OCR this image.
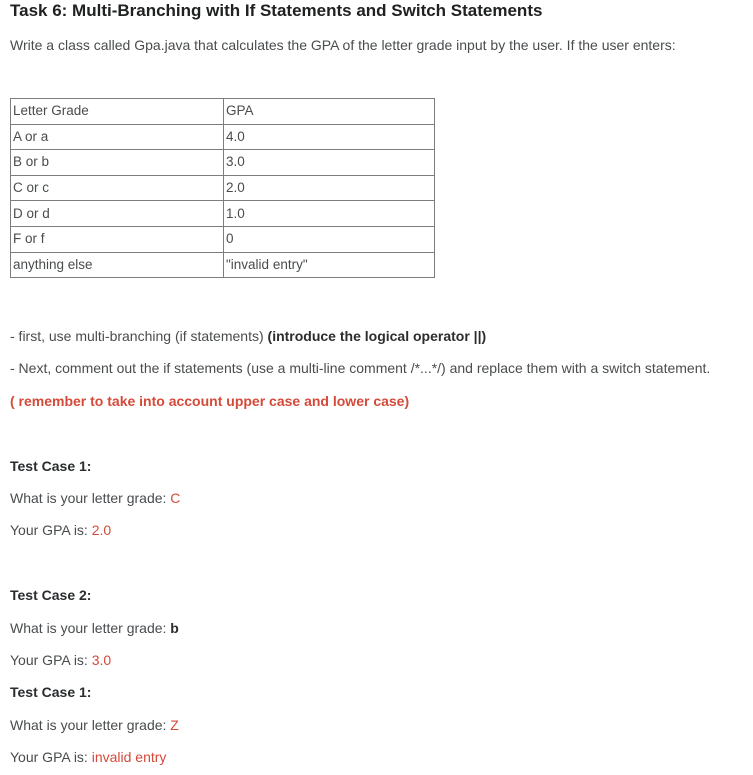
Task 6: Multi-Branching with If Statements and Switch Statements
Write a class called Gpa.java that calculates the GPA of the letter grade input by the user. If the user enters:
Letter Grade	GPA
A or a	4.0
B or b	3.0
C or c	2.0
D or d	1.0
F or f	0
anything else	"invalid entry"
- first, use multi-branching (if statements) (introduce the logical operator ||)
- Next, comment out the if statements (use a multi-line comment /*...*/) and replace them with a switch statement.
( remember to take into account upper case and lower case)
Test Case 1:
What is your letter grade: C
Your GPA is: 2.0
Test Case 2:
What is your letter grade: b
Your GPA is: 3.0
Test Case 1:
What is your letter grade: Z
Your GPA is: invalid entry
